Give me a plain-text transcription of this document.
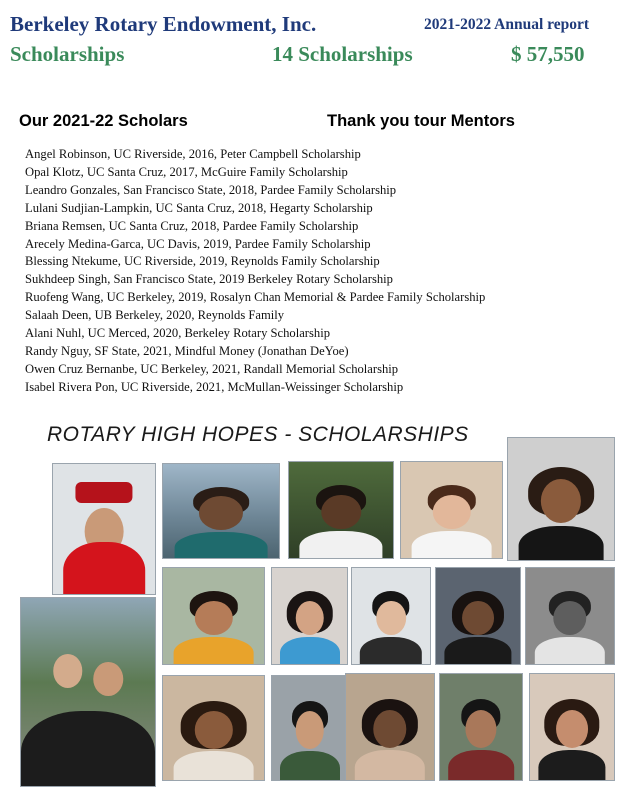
Berkeley Rotary Endowment, Inc.	2021-2022 Annual report
Scholarships	14 Scholarships	$ 57,550
Our 2021-22 Scholars	Thank you tour Mentors
Angel Robinson, UC Riverside, 2016, Peter Campbell Scholarship
Opal Klotz, UC Santa Cruz, 2017, McGuire Family Scholarship
Leandro Gonzales, San Francisco State, 2018, Pardee Family Scholarship
Lulani Sudjian-Lampkin, UC Santa Cruz, 2018, Hegarty Scholarship
Briana Remsen, UC Santa Cruz, 2018, Pardee Family Scholarship
Arecely Medina-Garca, UC Davis, 2019, Pardee Family Scholarship
Blessing Ntekume, UC Riverside, 2019, Reynolds Family Scholarship
Sukhdeep Singh, San Francisco State, 2019 Berkeley Rotary Scholarship
Ruofeng Wang, UC Berkeley, 2019, Rosalyn Chan Memorial & Pardee Family Scholarship
Salaah Deen, UB Berkeley, 2020, Reynolds Family
Alani Nuhl, UC Merced, 2020, Berkeley Rotary Scholarship
Randy Nguy, SF State, 2021, Mindful Money (Jonathan DeYoe)
Owen Cruz Bernanbe, UC Berkeley, 2021, Randall Memorial Scholarship
Isabel Rivera Pon, UC Riverside, 2021, McMullan-Weissinger Scholarship
ROTARY HIGH HOPES - SCHOLARSHIPS
